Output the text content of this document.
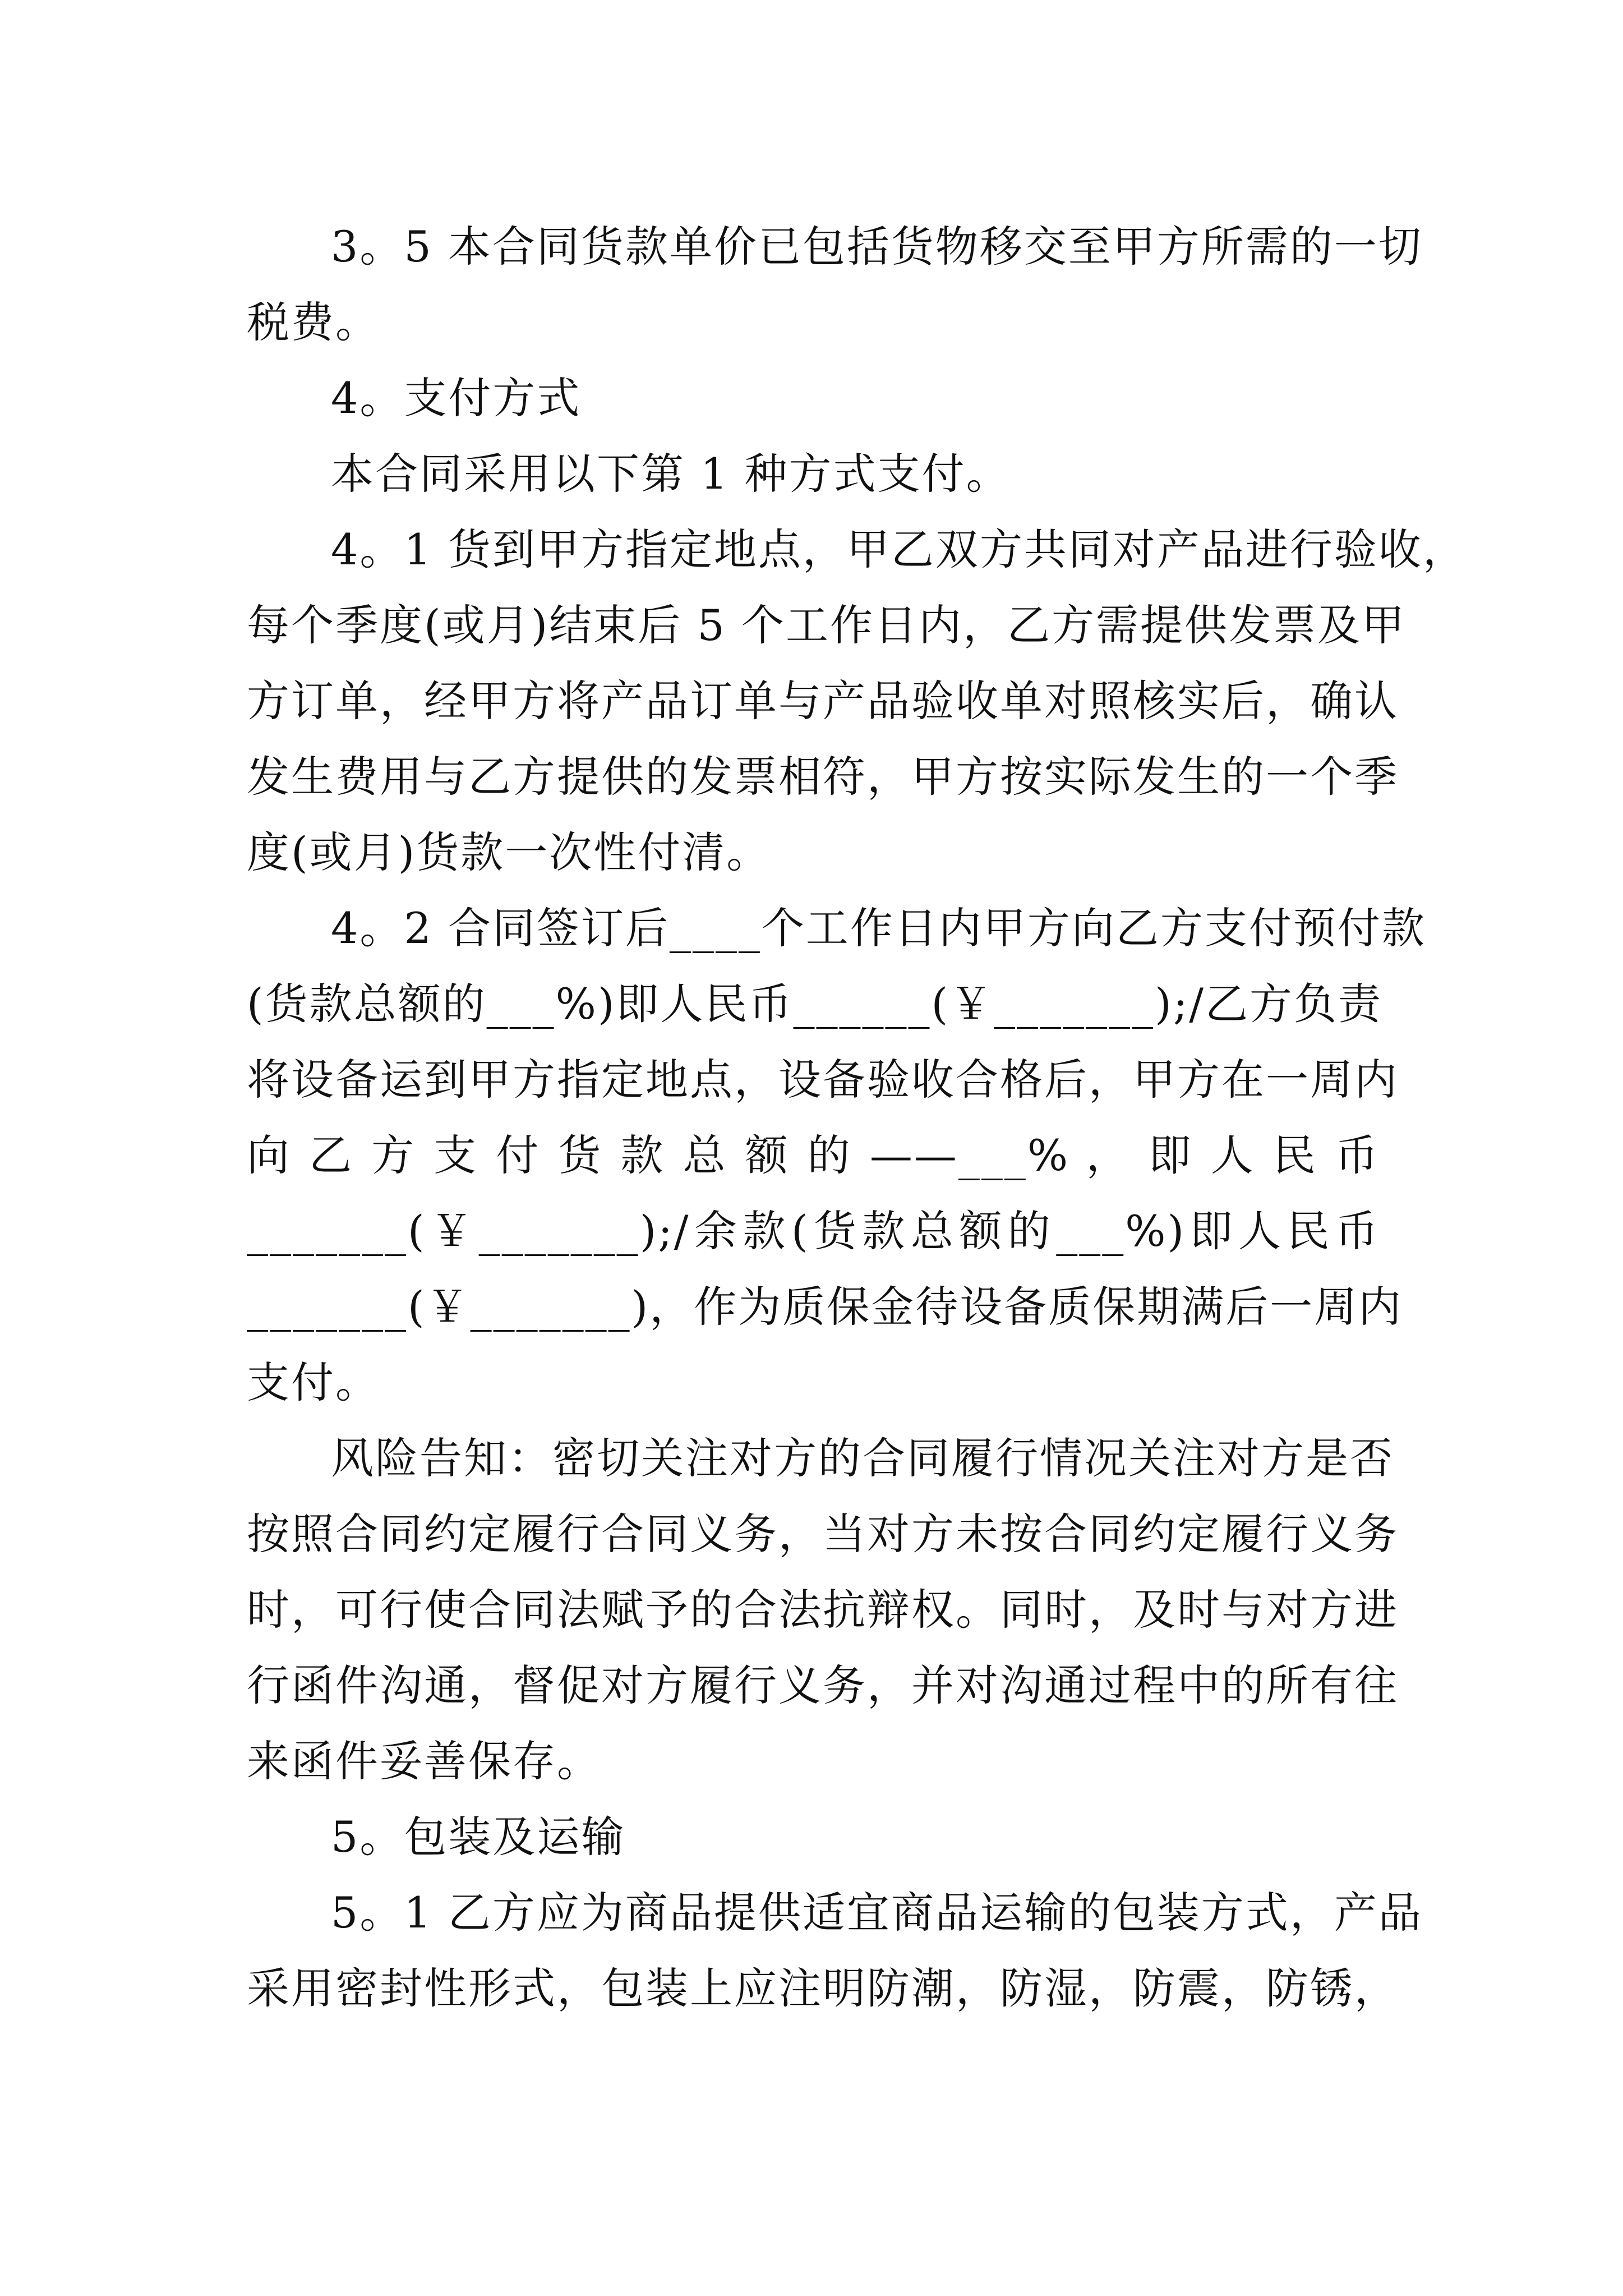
3。5 本合同货款单价已包括货物移交至甲方所需的一切
税费。
4。支付方式
本合同采用以下第 1 种方式支付。
4。1 货到甲方指定地点，甲乙双方共同对产品进行验收，
每个季度(或月)结束后 5 个工作日内，乙方需提供发票及甲
方订单，经甲方将产品订单与产品验收单对照核实后，确认
发生费用与乙方提供的发票相符，甲方按实际发生的一个季
度(或月)货款一次性付清。
4。2 合同签订后____个工作日内甲方向乙方支付预付款
(货款总额的___%)即人民币______(￥_______);/乙方负责
将设备运到甲方指定地点，设备验收合格后，甲方在一周内
向 乙 方 支 付 货 款 总 额 的 ——___% ， 即 人 民 币
_______(￥_______);/余款(货款总额的___%)即人民币
_______(￥_______)，作为质保金待设备质保期满后一周内
支付。
风险告知：密切关注对方的合同履行情况关注对方是否
按照合同约定履行合同义务，当对方未按合同约定履行义务
时，可行使合同法赋予的合法抗辩权。同时，及时与对方进
行函件沟通，督促对方履行义务，并对沟通过程中的所有往
来函件妥善保存。
5。包装及运输
5。1 乙方应为商品提供适宜商品运输的包装方式，产品
采用密封性形式，包装上应注明防潮，防湿，防震，防锈，
